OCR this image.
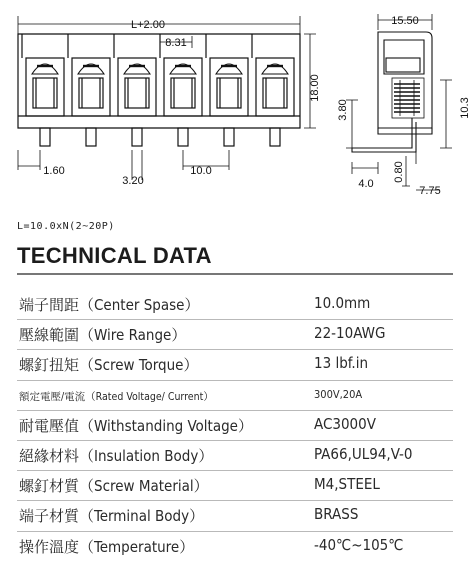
L+2.00
8.31
18.00
1.60
3.20
10.0
15.50
3.80	10.3
4.0
0.80
7.75
L=10.0xN(2~20P)
TECHNICAL DATA
端子間距（Center Spase）	10.0mm
壓線範圍（Wire Range）	22-10AWG
螺釘扭矩（Screw Torque）	13 lbf.in
額定電壓/電流（Rated Voltage/ Current）	300V,20A
耐電壓值（Withstanding Voltage）	AC3000V
絕緣材料（Insulation Body）	PA66,UL94,V-0
螺釘材質（Screw Material）	M4,STEEL
端子材質（Terminal Body）	BRASS
操作溫度（Temperature）	-40℃~105℃
